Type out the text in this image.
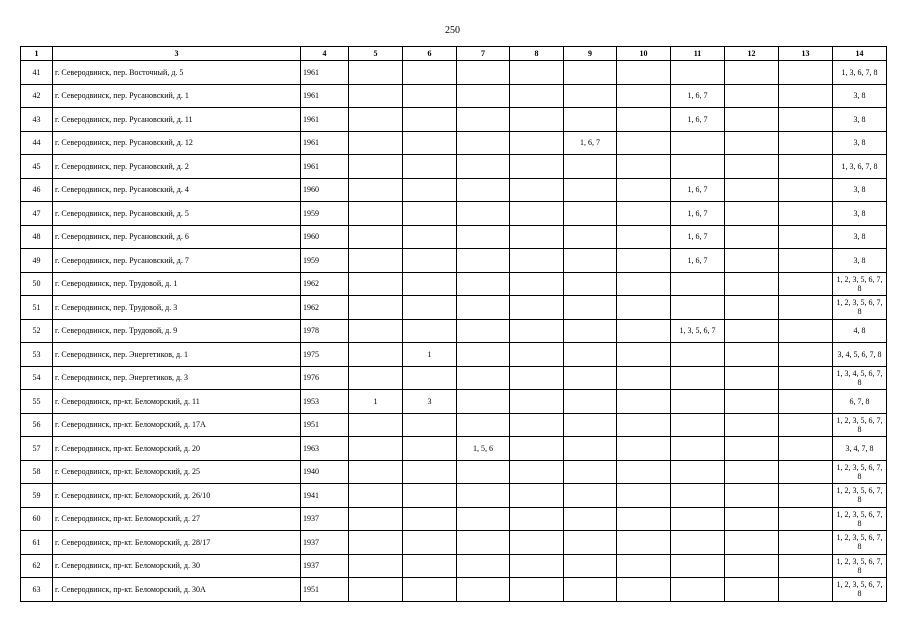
250
1	3	4	5	6	7	8	9	10	11	12	13	14
41	г. Северодвинск, пер. Восточный, д. 5	1961										1, 3, 6, 7, 8
42	г. Северодвинск, пер. Русановский, д. 1	1961							1, 6, 7			3, 8
43	г. Северодвинск, пер. Русановский, д. 11	1961							1, 6, 7			3, 8
44	г. Северодвинск, пер. Русановский, д. 12	1961					1, 6, 7					3, 8
45	г. Северодвинск, пер. Русановский, д. 2	1961										1, 3, 6, 7, 8
46	г. Северодвинск, пер. Русановский, д. 4	1960							1, 6, 7			3, 8
47	г. Северодвинск, пер. Русановский, д. 5	1959							1, 6, 7			3, 8
48	г. Северодвинск, пер. Русановский, д. 6	1960							1, 6, 7			3, 8
49	г. Северодвинск, пер. Русановский, д. 7	1959							1, 6, 7			3, 8
50	г. Северодвинск, пер. Трудовой, д. 1	1962										1, 2, 3, 5, 6, 7, 8
51	г. Северодвинск, пер. Трудовой, д. 3	1962										1, 2, 3, 5, 6, 7, 8
52	г. Северодвинск, пер. Трудовой, д. 9	1978							1, 3, 5, 6, 7			4, 8
53	г. Северодвинск, пер. Энергетиков, д. 1	1975		1								3, 4, 5, 6, 7, 8
54	г. Северодвинск, пер. Энергетиков, д. 3	1976										1, 3, 4, 5, 6, 7, 8
55	г. Северодвинск, пр-кт. Беломорский, д. 11	1953	1	3								6, 7, 8
56	г. Северодвинск, пр-кт. Беломорский, д. 17А	1951										1, 2, 3, 5, 6, 7, 8
57	г. Северодвинск, пр-кт. Беломорский, д. 20	1963			1, 5, 6							3, 4, 7, 8
58	г. Северодвинск, пр-кт. Беломорский, д. 25	1940										1, 2, 3, 5, 6, 7, 8
59	г. Северодвинск, пр-кт. Беломорский, д. 26/10	1941										1, 2, 3, 5, 6, 7, 8
60	г. Северодвинск, пр-кт. Беломорский, д. 27	1937										1, 2, 3, 5, 6, 7, 8
61	г. Северодвинск, пр-кт. Беломорский, д. 28/17	1937										1, 2, 3, 5, 6, 7, 8
62	г. Северодвинск, пр-кт. Беломорский, д. 30	1937										1, 2, 3, 5, 6, 7, 8
63	г. Северодвинск, пр-кт. Беломорский, д. 30А	1951										1, 2, 3, 5, 6, 7, 8
